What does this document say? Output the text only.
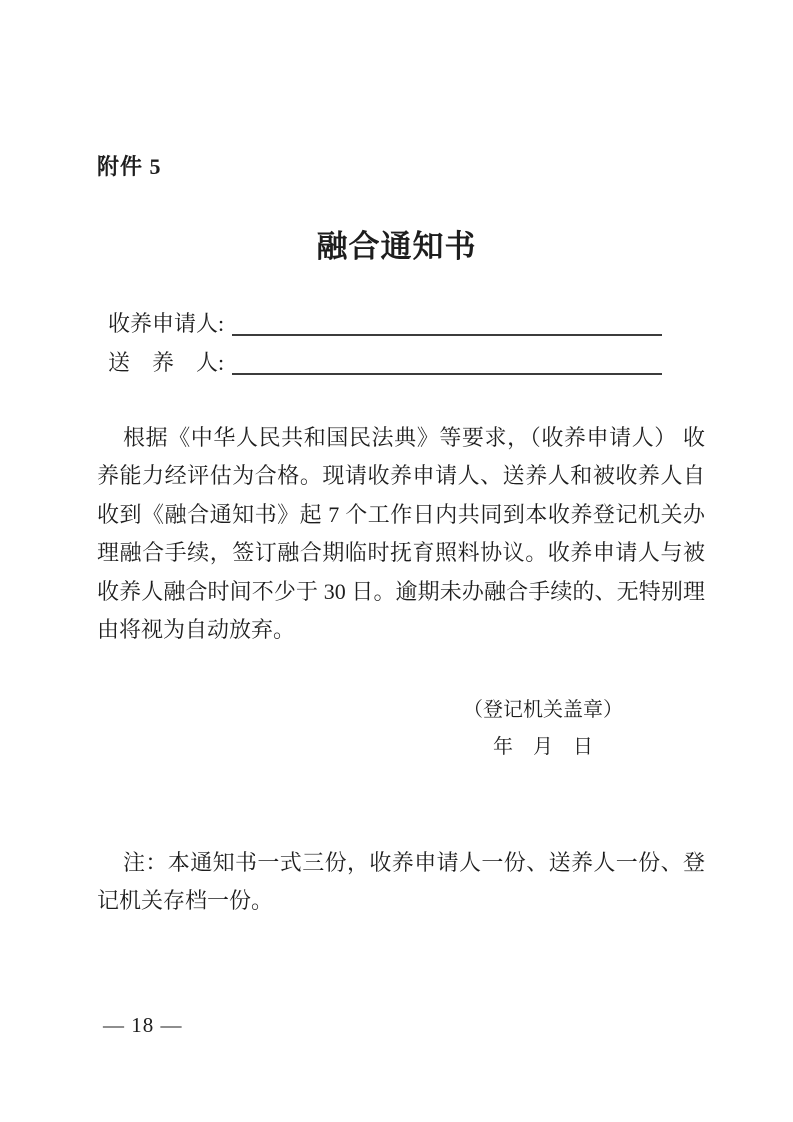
附件 5
融合通知书
收养申请人:
送　养　人:

根据《中华人民共和国民法典》等要求，（收养申请人） 收养能力经评估为合格。现请收养申请人、送养人和被收养人自收到《融合通知书》起 7 个工作日内共同到本收养登记机关办理融合手续，签订融合期临时抚育照料协议。收养申请人与被收养人融合时间不少于 30 日。逾期未办融合手续的、无特别理由将视为自动放弃。

（登记机关盖章）
年　月　日

注：本通知书一式三份，收养申请人一份、送养人一份、登记机关存档一份。

— 18 —
